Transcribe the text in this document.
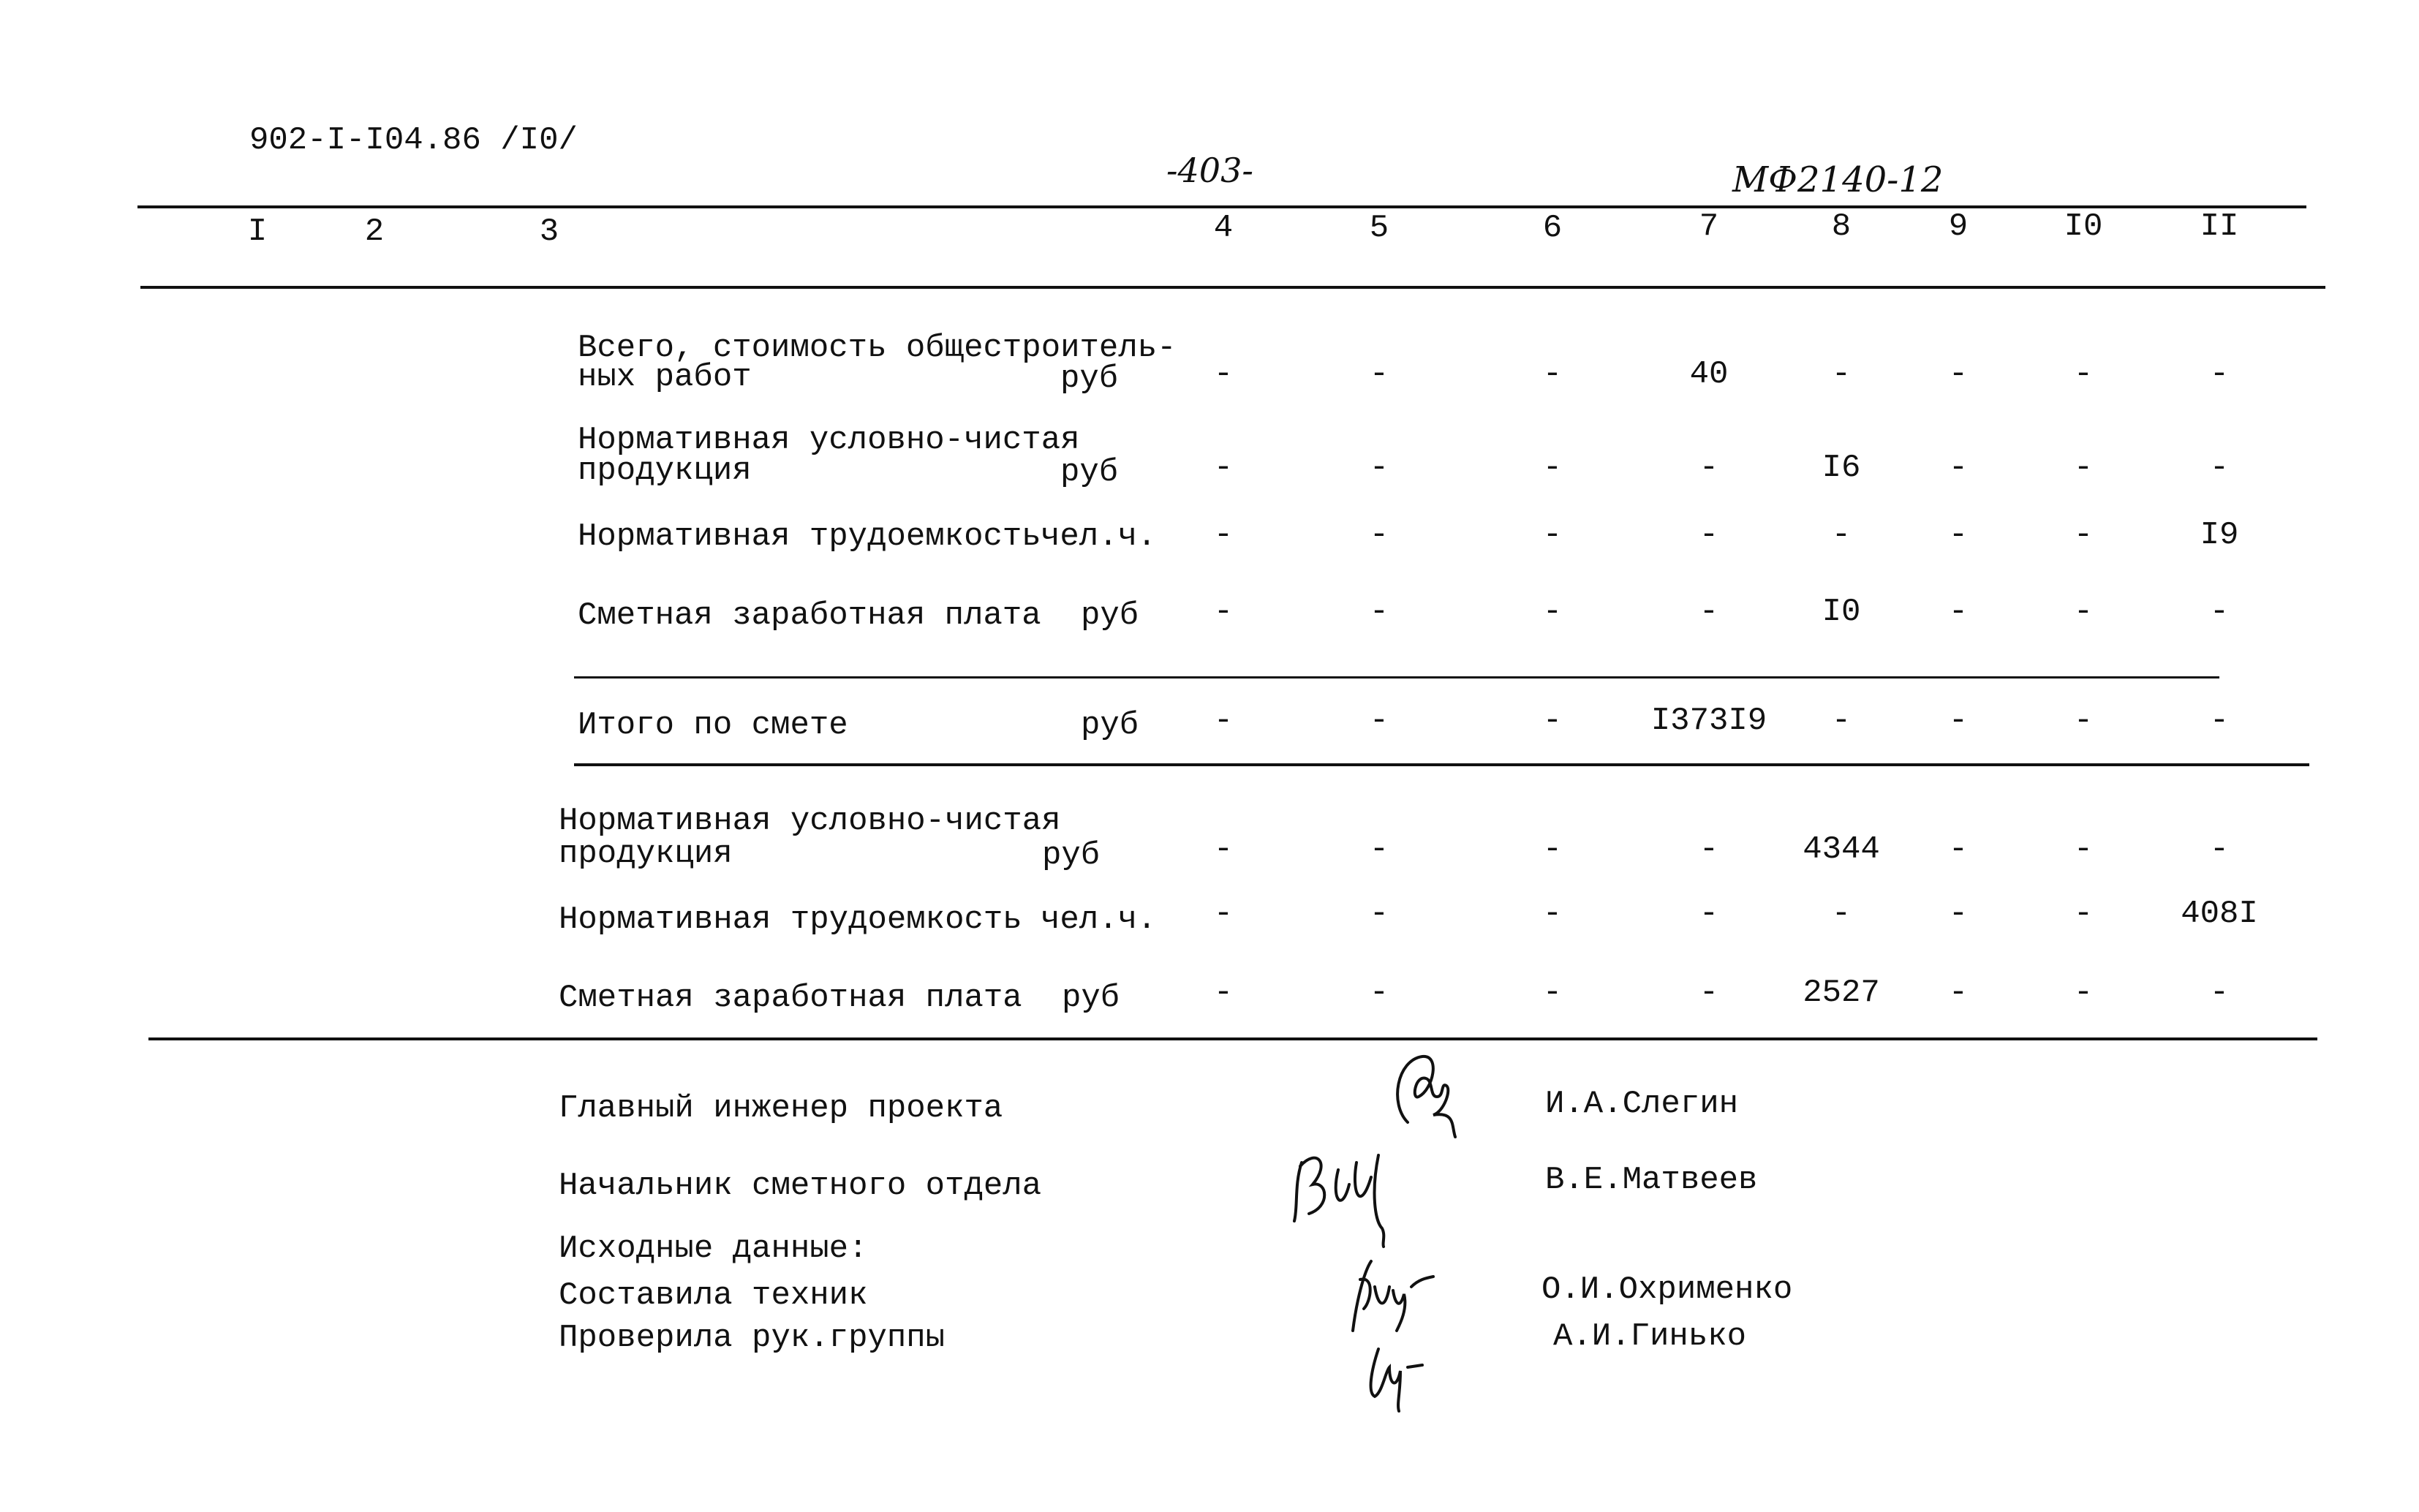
902-I-I04.86 /I0/
-403-	МФ2140-12
I	2	3	4	5	6	7	8	9	I0	II
Всего, стоимость общестроитель-
ных работ	руб	-	-	-	40	-	-	-	-
Нормативная условно-чистая
продукция	руб	-	-	-	-	I6	-	-	-
Нормативная трудоемкость чел.ч. -	-	-	-	-	-	-	I9
Сметная заработная плата руб -	-	-	-	I0	-	-	-
Итого по смете	руб -	-	-	I373I9 -	-	-	-
Нормативная условно-чистая
продукция	руб	-	-	-	-	4344 -	-	-
Нормативная трудоемкость чел.ч. -	-	-	-	-	-	-	408I
Сметная заработная плата руб	-	-	-	-	2527 -	-	-
Главный инженер проекта	И.А.Слегин
Начальник сметного отдела	В.Е.Матвеев
Исходные данные:
Составила техник	О.И.Охрименко
Проверила рук.группы	А.И.Гинько
